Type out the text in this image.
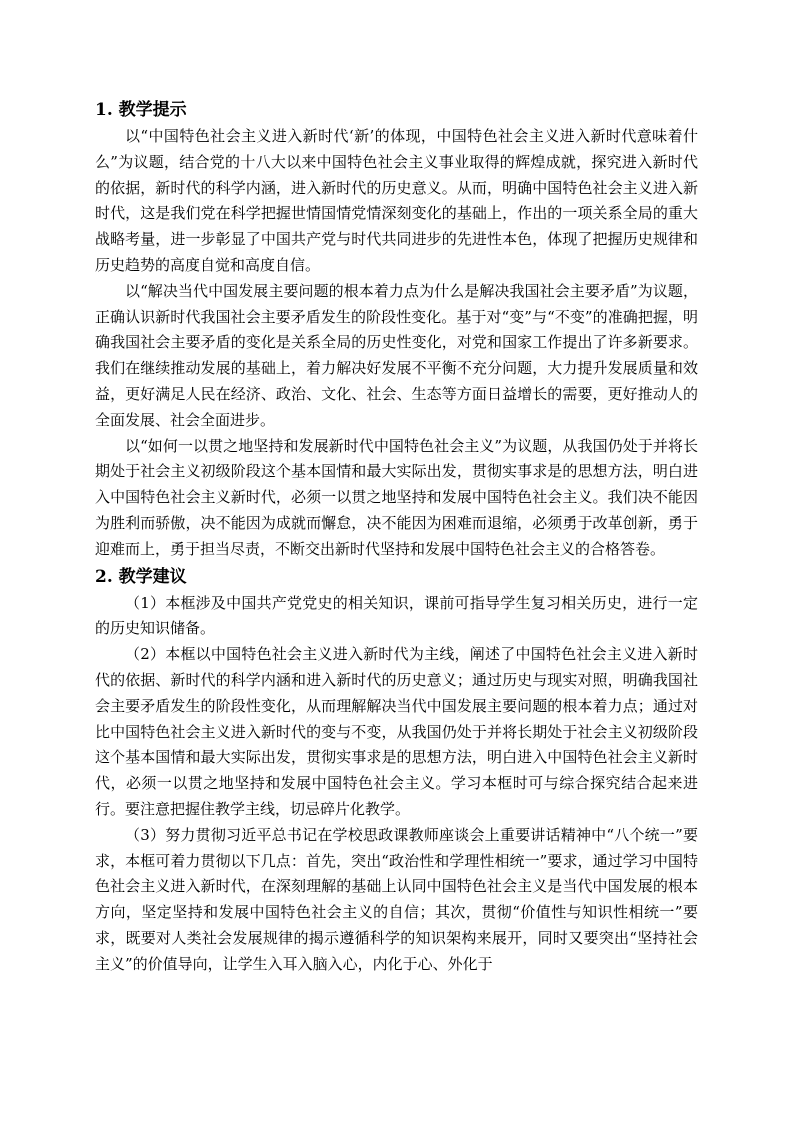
1. 教学提示

以“中国特色社会主义进入新时代‘新’的体现，中国特色社会主义进入新时代意味着什么”为议题，结合党的十八大以来中国特色社会主义事业取得的辉煌成就，探究进入新时代的依据，新时代的科学内涵，进入新时代的历史意义。从而，明确中国特色社会主义进入新时代，这是我们党在科学把握世情国情党情深刻变化的基础上，作出的一项关系全局的重大战略考量，进一步彰显了中国共产党与时代共同进步的先进性本色，体现了把握历史规律和历史趋势的高度自觉和高度自信。

以“解决当代中国发展主要问题的根本着力点为什么是解决我国社会主要矛盾”为议题，正确认识新时代我国社会主要矛盾发生的阶段性变化。基于对“变”与“不变”的准确把握，明确我国社会主要矛盾的变化是关系全局的历史性变化，对党和国家工作提出了许多新要求。我们在继续推动发展的基础上，着力解决好发展不平衡不充分问题，大力提升发展质量和效益，更好满足人民在经济、政治、文化、社会、生态等方面日益增长的需要，更好推动人的全面发展、社会全面进步。

以“如何一以贯之地坚持和发展新时代中国特色社会主义”为议题，从我国仍处于并将长期处于社会主义初级阶段这个基本国情和最大实际出发，贯彻实事求是的思想方法，明白进入中国特色社会主义新时代，必须一以贯之地坚持和发展中国特色社会主义。我们决不能因为胜利而骄傲，决不能因为成就而懈怠，决不能因为困难而退缩，必须勇于改革创新，勇于迎难而上，勇于担当尽责，不断交出新时代坚持和发展中国特色社会主义的合格答卷。

2. 教学建议

（1）本框涉及中国共产党党史的相关知识，课前可指导学生复习相关历史，进行一定的历史知识储备。

（2）本框以中国特色社会主义进入新时代为主线，阐述了中国特色社会主义进入新时代的依据、新时代的科学内涵和进入新时代的历史意义；通过历史与现实对照，明确我国社会主要矛盾发生的阶段性变化，从而理解解决当代中国发展主要问题的根本着力点；通过对比中国特色社会主义进入新时代的变与不变，从我国仍处于并将长期处于社会主义初级阶段这个基本国情和最大实际出发，贯彻实事求是的思想方法，明白进入中国特色社会主义新时代，必须一以贯之地坚持和发展中国特色社会主义。学习本框时可与综合探究结合起来进行。要注意把握住教学主线，切忌碎片化教学。

（3）努力贯彻习近平总书记在学校思政课教师座谈会上重要讲话精神中“八个统一”要求，本框可着力贯彻以下几点：首先，突出“政治性和学理性相统一”要求，通过学习中国特色社会主义进入新时代，在深刻理解的基础上认同中国特色社会主义是当代中国发展的根本方向，坚定坚持和发展中国特色社会主义的自信；其次，贯彻“价值性与知识性相统一”要求，既要对人类社会发展规律的揭示遵循科学的知识架构来展开，同时又要突出“坚持社会主义”的价值导向，让学生入耳入脑入心，内化于心、外化于
